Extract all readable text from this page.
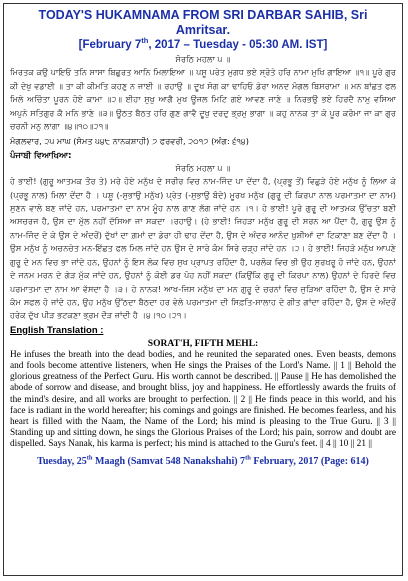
TODAY'S HUKAMNAMA FROM SRI DARBAR SAHIB, Sri Amritsar.
[February 7th, 2017 – Tuesday - 05:30 AM. IST]

ਸੋਰਠਿ ਮਹਲਾ ੫ ॥

ਮਿਰਤਕ ਕਉ ਪਾਇਓ ਤਨਿ ਸਾਸਾ ਬਿਛੁਰਤ ਆਨਿ ਮਿਲਾਇਆ ॥ ਪਸੂ ਪਰੇਤ ਮੁਗਧ ਭਏ ਸ੍ਰੋਤੇ ਹਰਿ ਨਾਮਾ ਮੁਖਿ ਗਾਇਆ ॥੧॥ ਪੂਰੇ ਗੁਰ ਕੀ ਦੇਖੁ ਵਡਾਈ ॥ ਤਾ ਕੀ ਕੀਮਤਿ ਕਹਣੁ ਨ ਜਾਈ ॥ ਰਹਾਉ ॥ ਦੂਖ ਸੋਗ ਕਾ ਢਾਹਿਓ ਡੇਰਾ ਅਨਦ ਮੰਗਲ ਬਿਸਰਾਮਾ ॥ ਮਨ ਬਾਂਛਤ ਫਲ ਮਿਲੇ ਅਚਿੰਤਾ ਪੂਰਨ ਹੋਏ ਕਾਮਾ ॥੨॥ ਈਹਾ ਸੁਖੁ ਆਗੈ ਮੁਖ ਊਜਲ ਮਿਟਿ ਗਏ ਆਵਣ ਜਾਣੇ ॥ ਨਿਰਭਉ ਭਏ ਹਿਰਦੈ ਨਾਮੁ ਵਸਿਆ ਅਪੁਨੇ ਸਤਿਗੁਰ ਕੈ ਮਨਿ ਭਾਣੇ ॥੩॥ ਊਠਤ ਬੈਠਤ ਹਰਿ ਗੁਣ ਗਾਵੈ ਦੂਖੁ ਦਰਦੁ ਭ੍ਰਮੁ ਭਾਗਾ ॥ ਕਹੁ ਨਾਨਕ ਤਾ ਕੇ ਪੂਰ ਕਰੰਮਾ ਜਾ ਕਾ ਗੁਰ ਚਰਨੀ ਮਨੁ ਲਾਗਾ ॥੪॥੧੦॥੨੧॥

ਮੰਗਲਵਾਰ, ੨੫ ਮਾਘ (ਸੰਮਤ ੫੪੮ ਨਾਨਕਸ਼ਾਹੀ) ੭ ਫਰਵਰੀ, ੨੦੧੭ (ਅੰਗ: ੬੧੪)

ਪੰਜਾਬੀ ਵਿਆਖਿਆ:

ਸੋਰਠਿ ਮਹਲਾ ੫ ॥

ਹੇ ਭਾਈ! (ਗੁਰੂ ਆਤਮਕ ਤੌਰ ਤੇ) ਮਰੇ ਹੋਏ ਮਨੁੱਖ ਦੇ ਸਰੀਰ ਵਿਚ ਨਾਮ-ਜਿੰਦ ਪਾ ਦੇਂਦਾ ਹੈ, (ਪ੍ਰਭੂ ਤੋਂ) ਵਿਛੁੜੇ ਹੋਏ ਮਨੁੱਖ ਨੂੰ ਲਿਆ ਕੇ (ਪ੍ਰਭੂ ਨਾਲ) ਮਿਲਾ ਦੇਂਦਾ ਹੈ । ਪਸ਼ੂ (-ਸੁਭਾਉ ਮਨੁੱਖ) ਪ੍ਰੇਤ (-ਸੁਭਾਉ ਬੰਦੇ) ਮੂਰਖ ਮਨੁੱਖ (ਗੁਰੂ ਦੀ ਕਿਰਪਾ ਨਾਲ ਪਰਮਾਤਮਾ ਦਾ ਨਾਮ) ਸੁਣਨ ਵਾਲੇ ਬਣ ਜਾਂਦੇ ਹਨ, ਪਰਮਾਤਮਾ ਦਾ ਨਾਮ ਮੂੰਹ ਨਾਲ ਗਾਣ ਲੱਗ ਜਾਂਦੇ ਹਨ ।੧। ਹੇ ਭਾਈ! ਪੂਰੇ ਗੁਰੂ ਦੀ ਆਤਮਕ ਉੱਚਤਾ ਬਣੀ ਅਸਚਰਜ ਹੈ, ਉਸ ਦਾ ਮੁੱਲ ਨਹੀਂ ਦੱਸਿਆ ਜਾ ਸਕਦਾ ।ਰਹਾਉ। (ਹੇ ਭਾਈ! ਜਿਹੜਾ ਮਨੁੱਖ ਗੁਰੂ ਦੀ ਸਰਨ ਆ ਪੈਂਦਾ ਹੈ, ਗੁਰੂ ਉਸ ਨੂੰ ਨਾਮ-ਜਿੰਦ ਦੇ ਕੇ ਉਸ ਦੇ ਅੰਦਰੋਂ) ਦੁੱਖਾਂ ਦਾ ਗ਼ਮਾਂ ਦਾ ਡੇਰਾ ਹੀ ਢਾਹ ਦੇਂਦਾ ਹੈ, ਉਸ ਦੇ ਅੰਦਰ ਆਨੰਦ ਖ਼ੁਸ਼ੀਆਂ ਦਾ ਟਿਕਾਣਾ ਬਣ ਦੇਂਦਾ ਹੈ । ਉਸ ਮਨੁੱਖ ਨੂੰ ਅਚਨਚੇਤ ਮਨ-ਇੱਛਤ ਫਲ ਮਿਲ ਜਾਂਦੇ ਹਨ ਉਸ ਦੇ ਸਾਰੇ ਕੰਮ ਸਿਰੇ ਚੜ੍ਹ ਜਾਂਦੇ ਹਨ ।੨। ਹੇ ਭਾਈ! ਜਿਹੜੇ ਮਨੁੱਖ ਆਪਣੇ ਗੁਰੂ ਦੇ ਮਨ ਵਿਚ ਭਾ ਜਾਂਦੇ ਹਨ, ਉਹਨਾਂ ਨੂੰ ਇਸ ਲੋਕ ਵਿਚ ਸੁਖ ਪ੍ਰਾਪਤ ਰਹਿੰਦਾ ਹੈ, ਪਰਲੋਕ ਵਿਚ ਭੀ ਉਹ ਸੁਰਖ਼ਰੂ ਹੋ ਜਾਂਦੇ ਹਨ, ਉਹਨਾਂ ਦੇ ਜਨਮ ਮਰਨ ਦੇ ਗੇੜ ਮੁੱਕ ਜਾਂਦੇ ਹਨ, ਉਹਨਾਂ ਨੂੰ ਕੋਈ ਡਰ ਪੋਹ ਨਹੀਂ ਸਕਦਾ (ਕਿਉਂਕਿ ਗੁਰੂ ਦੀ ਕਿਰਪਾ ਨਾਲ) ਉਹਨਾਂ ਦੇ ਹਿਰਦੇ ਵਿਚ ਪਰਮਾਤਮਾ ਦਾ ਨਾਮ ਆ ਵੱਸਦਾ ਹੈ ।੩। ਹੇ ਨਾਨਕ! ਆਖ-ਜਿਸ ਮਨੁੱਖ ਦਾ ਮਨ ਗੁਰੂ ਦੇ ਚਰਨਾਂ ਵਿਚ ਜੁੜਿਆ ਰਹਿੰਦਾ ਹੈ, ਉਸ ਦੇ ਸਾਰੇ ਕੰਮ ਸਫਲ ਹੋ ਜਾਂਦੇ ਹਨ, ਉਹ ਮਨੁੱਖ ਉੱਠਦਾ ਬੈਠਦਾ ਹਰ ਵੇਲੇ ਪਰਮਾਤਮਾ ਦੀ ਸਿਫ਼ਤਿ-ਸਾਲਾਹ ਦੇ ਗੀਤ ਗਾਂਦਾ ਰਹਿੰਦਾ ਹੈ, ਉਸ ਦੇ ਅੰਦਰੋਂ ਹਰੇਕ ਦੁੱਖ ਪੀੜ ਭਟਕਣਾ ਭ੍ਰਮ ਦੌੜ ਜਾਂਦੀ ਹੈ ।੪।੧੦।੨੧।

English Translation :
SORAT'H, FIFTH MEHL:

He infuses the breath into the dead bodies, and he reunited the separated ones. Even beasts, demons and fools become attentive listeners, when He sings the Praises of the Lord's Name. || 1 || Behold the glorious greatness of the Perfect Guru. His worth cannot be described. || Pause || He has demolished the abode of sorrow and disease, and brought bliss, joy and happiness. He effortlessly awards the fruits of the mind's desire, and all works are brought to perfection. || 2 || He finds peace in this world, and his face is radiant in the world hereafter; his comings and goings are finished. He becomes fearless, and his heart is filled with the Naam, the Name of the Lord; his mind is pleasing to the True Guru. || 3 || Standing up and sitting down, he sings the Glorious Praises of the Lord; his pain, sorrow and doubt are dispelled. Says Nanak, his karma is perfect; his mind is attached to the Guru's feet. || 4 || 10 || 21 ||

Tuesday, 25th Maagh (Samvat 548 Nanakshahi) 7th February, 2017 (Page: 614)
